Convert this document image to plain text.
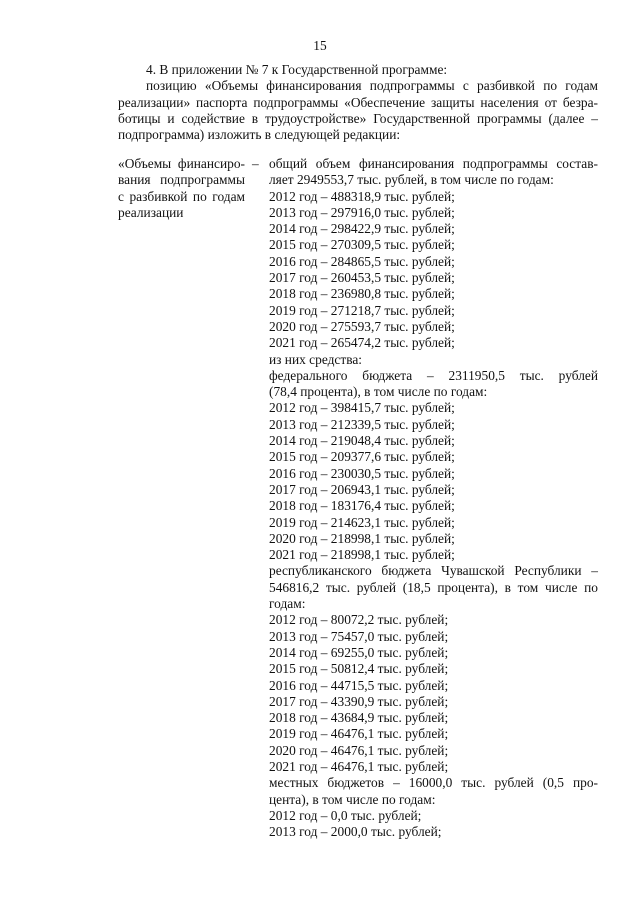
15

4. В приложении № 7 к Государственной программе:

позицию «Объемы финансирования подпрограммы с разбивкой по годам

реализации» паспорта подпрограммы «Обеспечение защиты населения от безра-

ботицы и содействие в трудоустройстве» Государственной программы (далее –

подпрограмма) изложить в следующей редакции:

«Объемы финансиро-
вания подпрограммы
с разбивкой по годам
реализации
– общий объем финансирования подпрограммы состав-
ляет 2949553,7 тыс. рублей, в том числе по годам:
2012 год – 488318,9 тыс. рублей;
2013 год – 297916,0 тыс. рублей;
2014 год – 298422,9 тыс. рублей;
2015 год – 270309,5 тыс. рублей;
2016 год – 284865,5 тыс. рублей;
2017 год – 260453,5 тыс. рублей;
2018 год – 236980,8 тыс. рублей;
2019 год – 271218,7 тыс. рублей;
2020 год – 275593,7 тыс. рублей;
2021 год – 265474,2 тыс. рублей;
из них средства:
федерального бюджета – 2311950,5 тыс. рублей
(78,4 процента), в том числе по годам:
2012 год – 398415,7 тыс. рублей;
2013 год – 212339,5 тыс. рублей;
2014 год – 219048,4 тыс. рублей;
2015 год – 209377,6 тыс. рублей;
2016 год – 230030,5 тыс. рублей;
2017 год – 206943,1 тыс. рублей;
2018 год – 183176,4 тыс. рублей;
2019 год – 214623,1 тыс. рублей;
2020 год – 218998,1 тыс. рублей;
2021 год – 218998,1 тыс. рублей;
республиканского бюджета Чувашской Республики –
546816,2 тыс. рублей (18,5 процента), в том числе по
годам:
2012 год – 80072,2 тыс. рублей;
2013 год – 75457,0 тыс. рублей;
2014 год – 69255,0 тыс. рублей;
2015 год – 50812,4 тыс. рублей;
2016 год – 44715,5 тыс. рублей;
2017 год – 43390,9 тыс. рублей;
2018 год – 43684,9 тыс. рублей;
2019 год – 46476,1 тыс. рублей;
2020 год – 46476,1 тыс. рублей;
2021 год – 46476,1 тыс. рублей;
местных бюджетов – 16000,0 тыс. рублей (0,5 про-
цента), в том числе по годам:
2012 год – 0,0 тыс. рублей;
2013 год – 2000,0 тыс. рублей;
